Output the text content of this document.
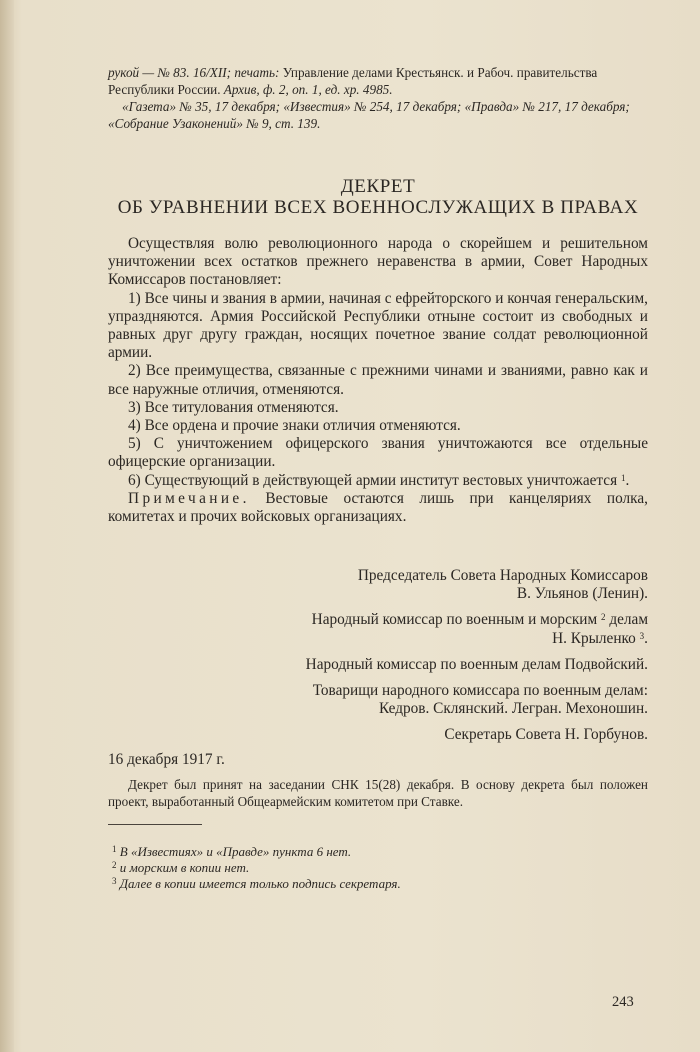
рукой — № 83. 16/XII; печать: Управление делами Крестьянск. и Рабоч. правительства Республики России. Архив, ф. 2, оп. 1, ед. хр. 4985.

«Газета» № 35, 17 декабря; «Известия» № 254, 17 декабря; «Правда» № 217, 17 декабря; «Собрание Узаконений» № 9, ст. 139.

ДЕКРЕТ
ОБ УРАВНЕНИИ ВСЕХ ВОЕННОСЛУЖАЩИХ В ПРАВАХ

Осуществляя волю революционного народа о скорейшем и решительном уничтожении всех остатков прежнего неравенства в армии, Совет Народных Комиссаров постановляет:

1) Все чины и звания в армии, начиная с ефрейторского и кончая генеральским, упраздняются. Армия Российской Республики отныне состоит из свободных и равных друг другу граждан, носящих почетное звание солдат революционной армии.

2) Все преимущества, связанные с прежними чинами и званиями, равно как и все наружные отличия, отменяются.

3) Все титулования отменяются.

4) Все ордена и прочие знаки отличия отменяются.

5) С уничтожением офицерского звания уничтожаются все отдельные офицерские организации.

6) Существующий в действующей армии институт вестовых уничтожается $^1$.

Примечание. Вестовые остаются лишь при канцеляриях полка, комитетах и прочих войсковых организациях.

Председатель Совета Народных Комиссаров
В. Ульянов (Ленин).
Народный комиссар по военным и морским $^2$ делам
Н. Крыленко $^3$.
Народный комиссар по военным делам Подвойский.
Товарищи народного комиссара по военным делам:
Кедров. Склянский. Легран. Мехоношин.
Секретарь Совета Н. Горбунов.
16 декабря 1917 г.

Декрет был принят на заседании СНК 15(28) декабря. В основу декрета был положен проект, выработанный Общеармейским комитетом при Ставке.

$^1$ В «Известиях» и «Правде» пункта 6 нет.

$^2$ и морским в копии нет.

$^3$ Далее в копии имеется только подпись секретаря.

243
